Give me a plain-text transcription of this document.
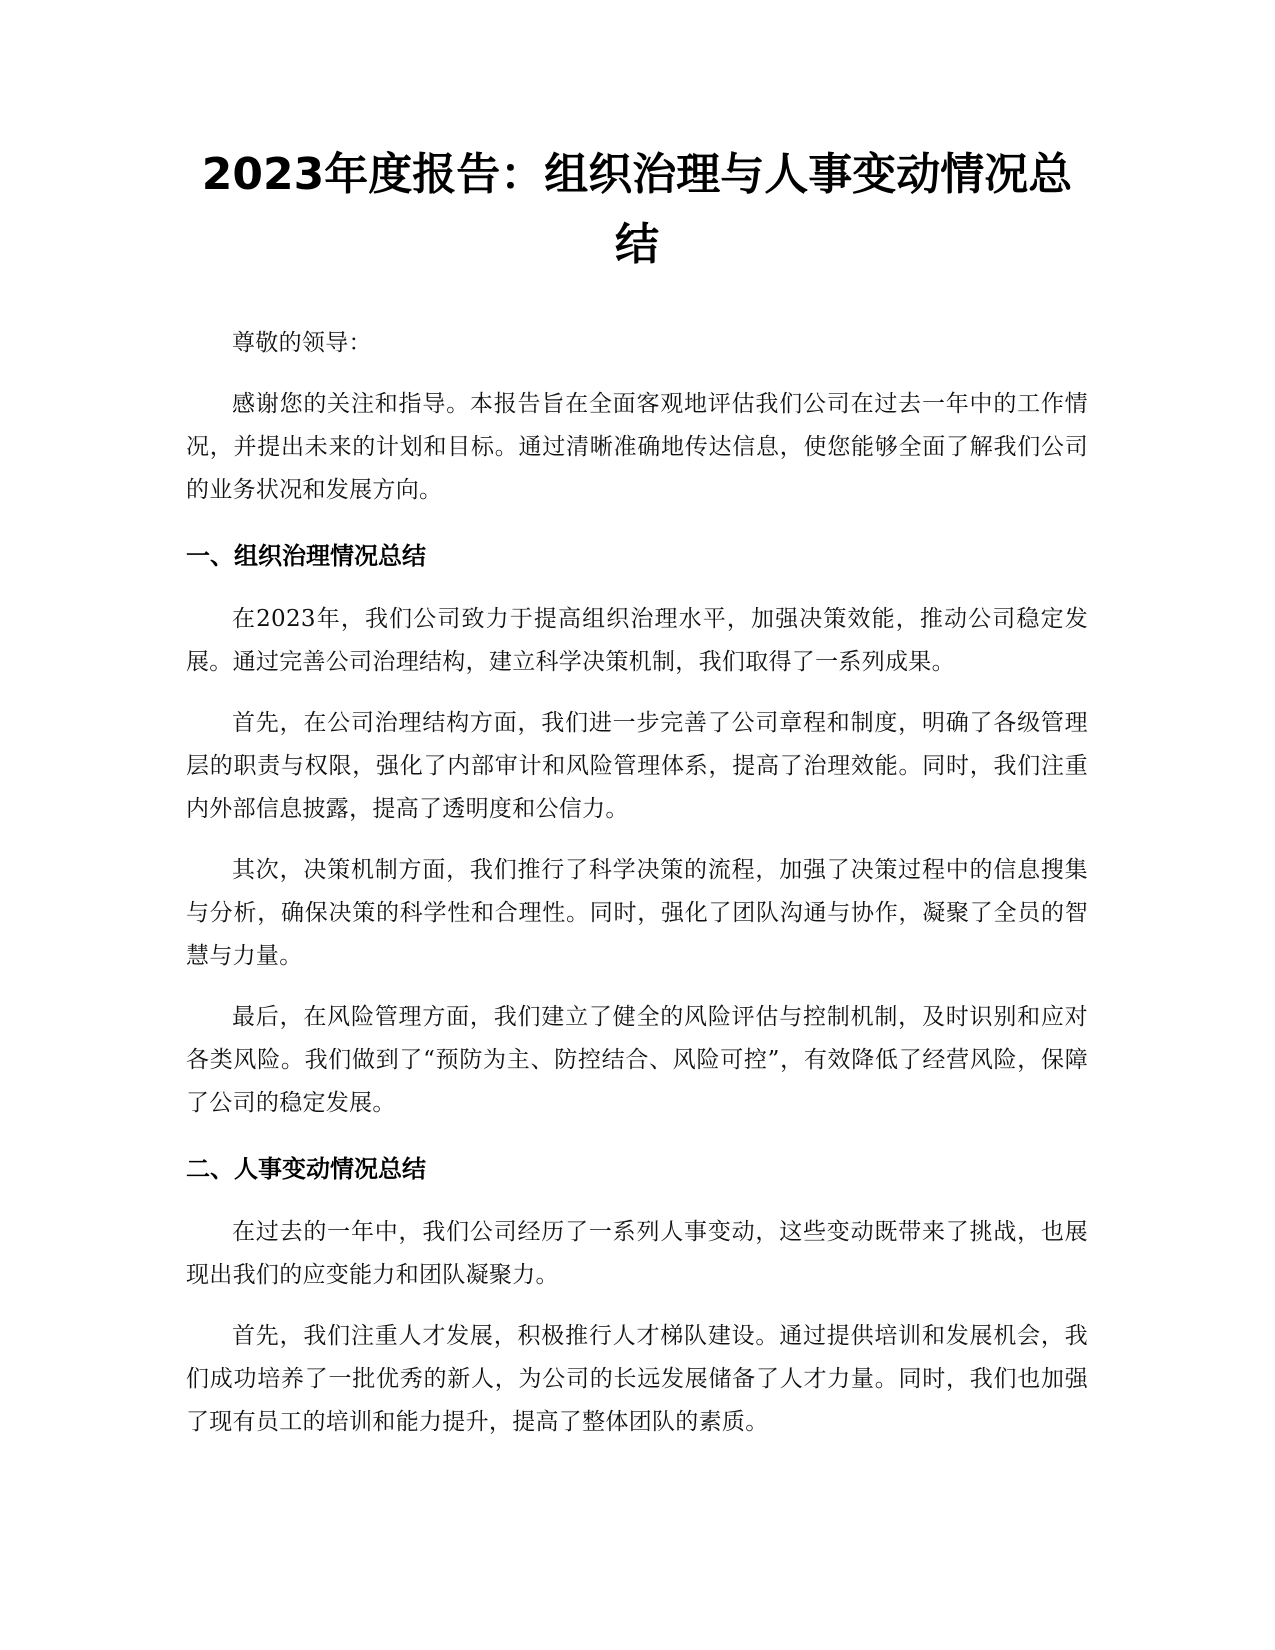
2023年度报告：组织治理与人事变动情况总结

尊敬的领导：

感谢您的关注和指导。本报告旨在全面客观地评估我们公司在过去一年中的工作情况，并提出未来的计划和目标。通过清晰准确地传达信息，使您能够全面了解我们公司的业务状况和发展方向。

一、组织治理情况总结

在2023年，我们公司致力于提高组织治理水平，加强决策效能，推动公司稳定发展。通过完善公司治理结构，建立科学决策机制，我们取得了一系列成果。

首先，在公司治理结构方面，我们进一步完善了公司章程和制度，明确了各级管理层的职责与权限，强化了内部审计和风险管理体系，提高了治理效能。同时，我们注重内外部信息披露，提高了透明度和公信力。

其次，决策机制方面，我们推行了科学决策的流程，加强了决策过程中的信息搜集与分析，确保决策的科学性和合理性。同时，强化了团队沟通与协作，凝聚了全员的智慧与力量。

最后，在风险管理方面，我们建立了健全的风险评估与控制机制，及时识别和应对各类风险。我们做到了“预防为主、防控结合、风险可控”，有效降低了经营风险，保障了公司的稳定发展。

二、人事变动情况总结

在过去的一年中，我们公司经历了一系列人事变动，这些变动既带来了挑战，也展现出我们的应变能力和团队凝聚力。

首先，我们注重人才发展，积极推行人才梯队建设。通过提供培训和发展机会，我们成功培养了一批优秀的新人，为公司的长远发展储备了人才力量。同时，我们也加强了现有员工的培训和能力提升，提高了整体团队的素质。
